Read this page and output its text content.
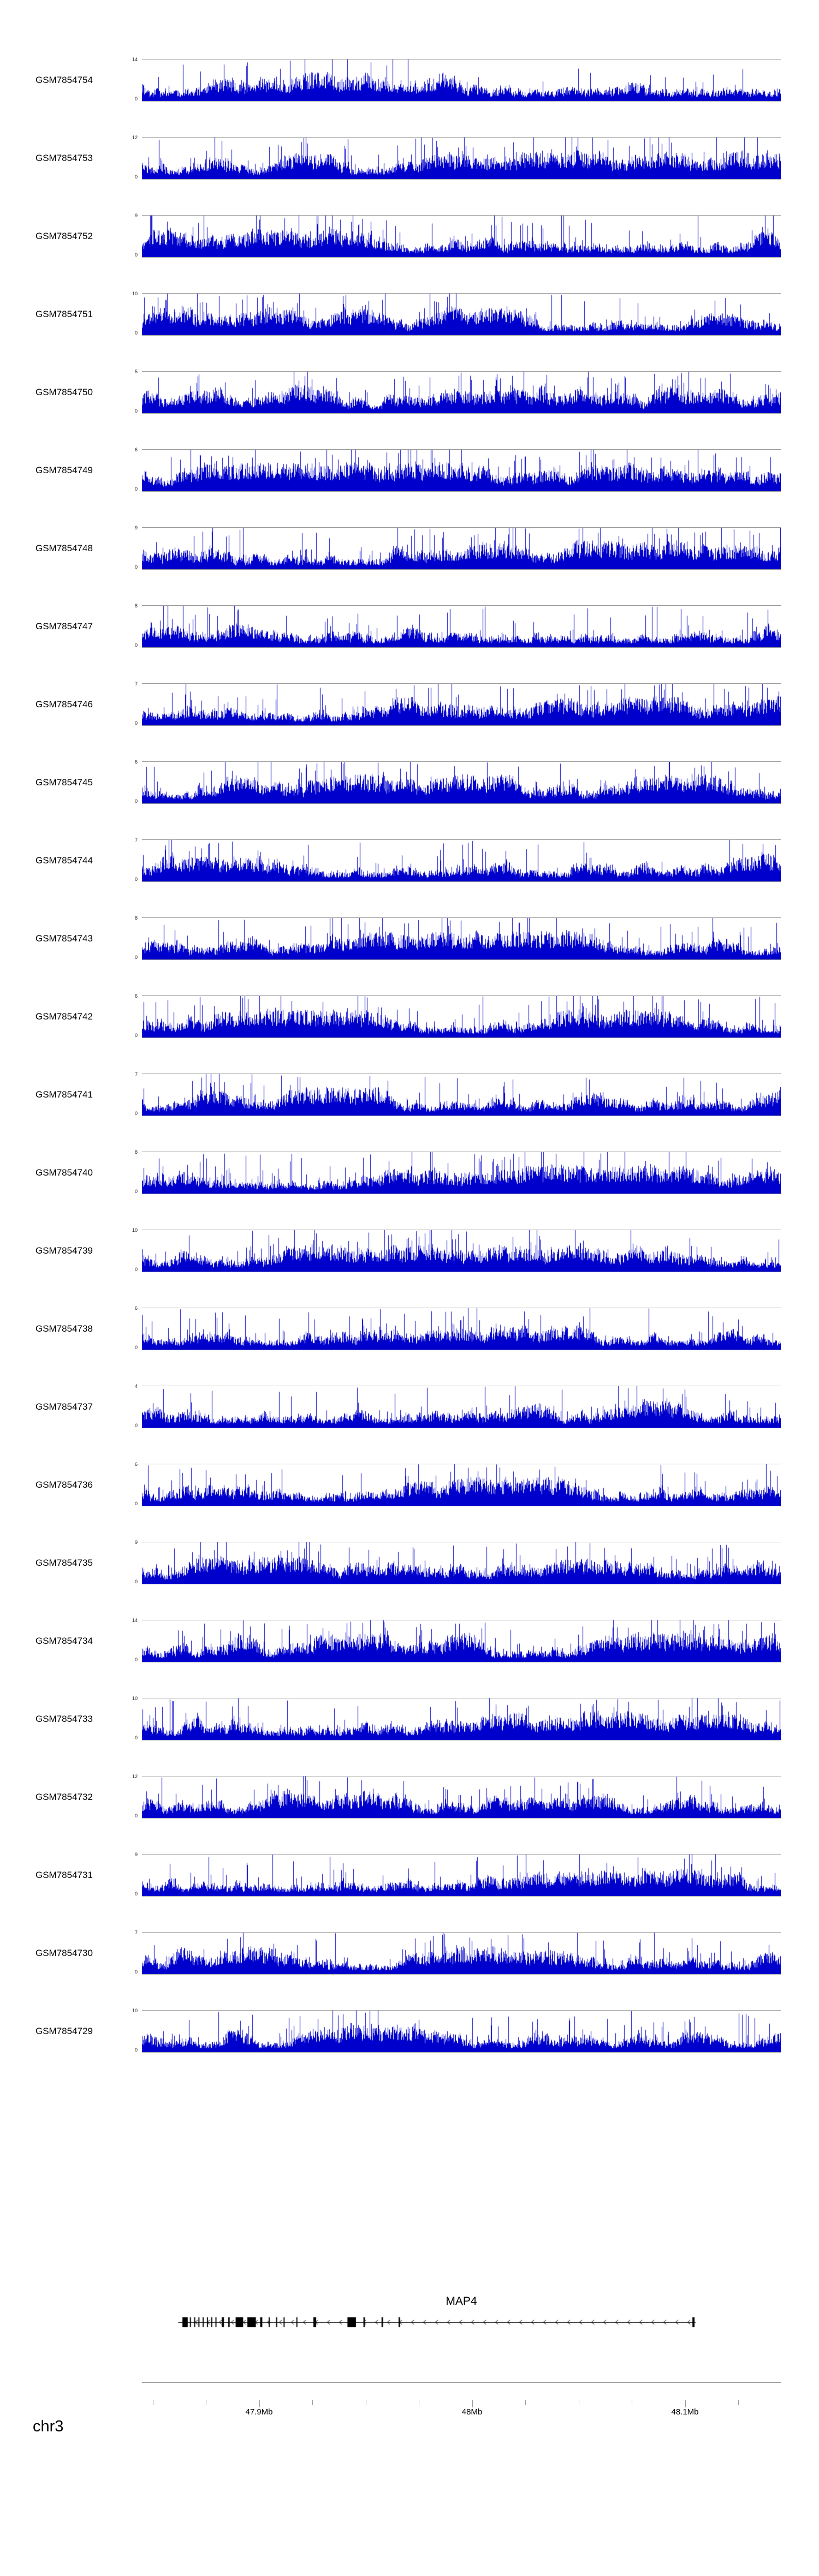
GSM7854754
14
0
GSM7854753
12
0
GSM7854752
9
0
GSM7854751
10
0
GSM7854750
5
0
GSM7854749
6
0
GSM7854748
9
0
GSM7854747
8
0
GSM7854746
7
0
GSM7854745
6
0
GSM7854744
7
0
GSM7854743
8
0
GSM7854742
6
0
GSM7854741
7
0
GSM7854740
8
0
GSM7854739
10
0
GSM7854738
6
0
GSM7854737
4
0
GSM7854736
6
0
GSM7854735
9
0
GSM7854734
14
0
GSM7854733
10
0
GSM7854732
12
0
GSM7854731
9
0
GSM7854730
7
0
GSM7854729
10
0
MAP4
chr3
47.9Mb	48Mb	48.1Mb
